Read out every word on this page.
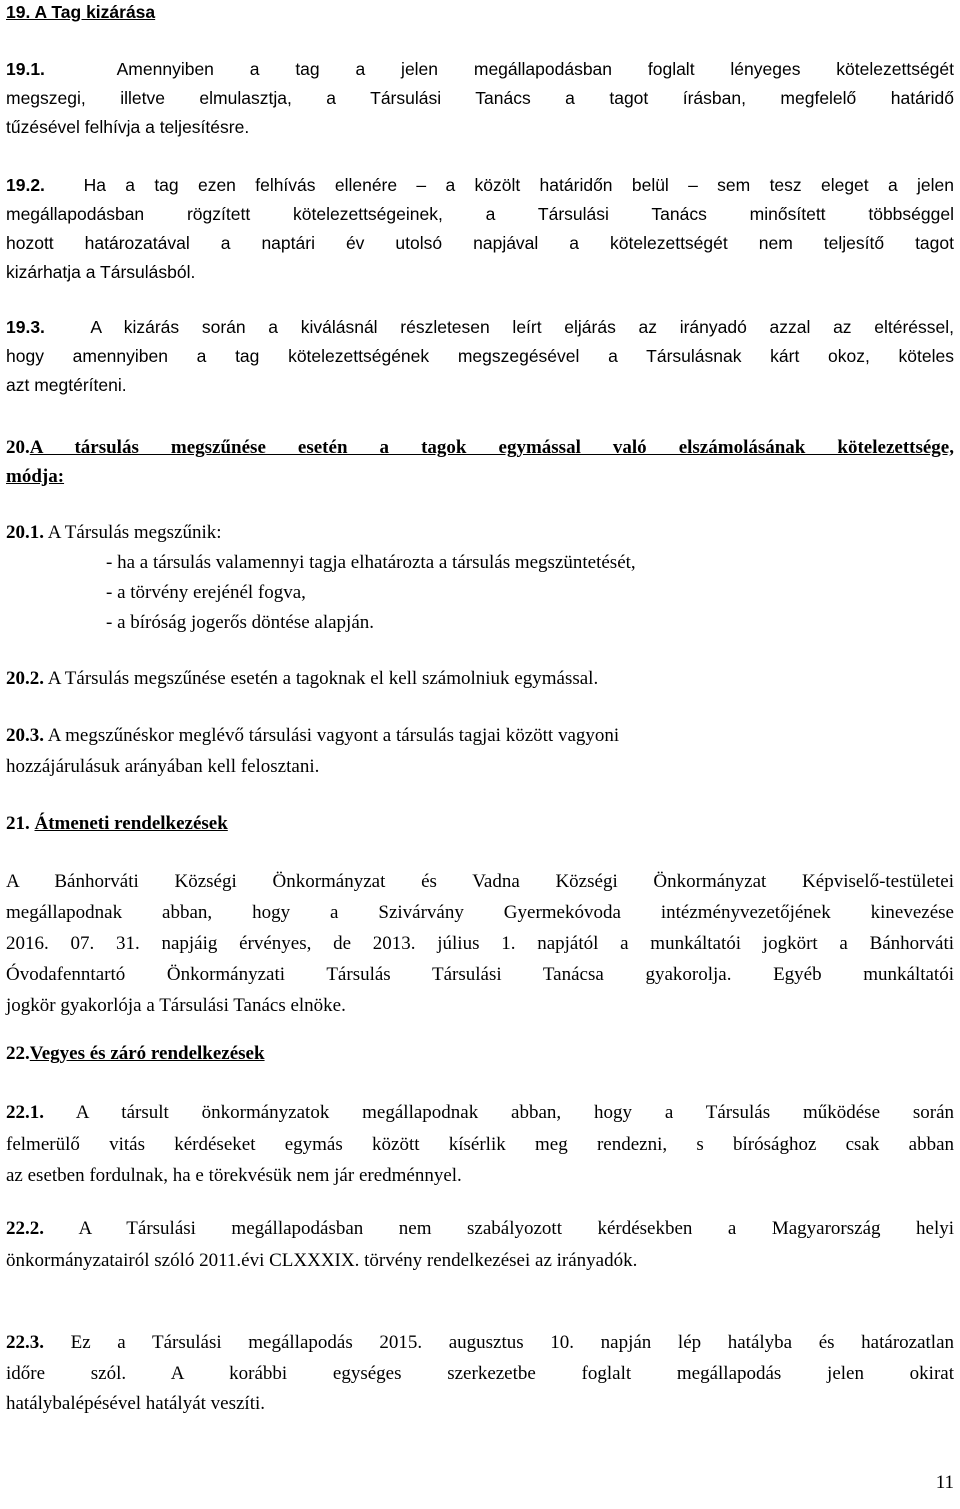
19. A Tag kizárása
19.1.	Amennyiben a tag a jelen megállapodásban foglalt lényeges kötelezettségét
megszegi, illetve elmulasztja, a Társulási Tanács a tagot írásban, megfelelő határidő
tűzésével felhívja a teljesítésre.
19.2. Ha a tag ezen felhívás ellenére – a közölt határidőn belül – sem tesz eleget a jelen
megállapodásban rögzített kötelezettségeinek, a Társulási Tanács minősített többséggel
hozott határozatával a naptári év utolsó napjával a kötelezettségét nem teljesítő tagot
kizárhatja a Társulásból.
19.3.	A kizárás során a kiválásnál részletesen leírt eljárás az irányadó azzal az eltéréssel,
hogy amennyiben a tag kötelezettségének megszegésével a Társulásnak kárt okoz, köteles
azt megtéríteni.
20.A társulás megszűnése esetén a tagok egymással való elszámolásának kötelezettsége,
módja:
20.1. A Társulás megszűnik:
- ha a társulás valamennyi tagja elhatározta a társulás megszüntetését,
- a törvény erejénél fogva,
- a bíróság jogerős döntése alapján.
20.2. A Társulás megszűnése esetén a tagoknak el kell számolniuk egymással.
20.3. A megszűnéskor meglévő társulási vagyont a társulás tagjai között vagyoni
hozzájárulásuk arányában kell felosztani.
21. Átmeneti rendelkezések
A Bánhorváti Községi Önkormányzat és Vadna Községi Önkormányzat Képviselő-testületei
megállapodnak abban, hogy a Szivárvány Gyermekóvoda intézményvezetőjének kinevezése
2016. 07. 31. napjáig érvényes, de 2013. július 1. napjától a munkáltatói jogkört a Bánhorváti
Óvodafenntartó Önkormányzati Társulás Társulási Tanácsa gyakorolja. Egyéb munkáltatói
jogkör gyakorlója a Társulási Tanács elnöke.
22.Vegyes és záró rendelkezések
22.1. A társult önkormányzatok megállapodnak abban, hogy a Társulás működése során
felmerülő vitás kérdéseket egymás között kísérlik meg rendezni, s bírósághoz csak abban
az esetben fordulnak, ha e törekvésük nem jár eredménnyel.
22.2. A Társulási megállapodásban nem szabályozott kérdésekben a Magyarország helyi
önkormányzatairól szóló 2011.évi CLXXXIX. törvény rendelkezései az irányadók.
22.3. Ez a Társulási megállapodás 2015. augusztus 10. napján lép hatályba és határozatlan
időre szól. A korábbi egységes szerkezetbe foglalt megállapodás jelen okirat
hatálybalépésével hatályát veszíti.
11
